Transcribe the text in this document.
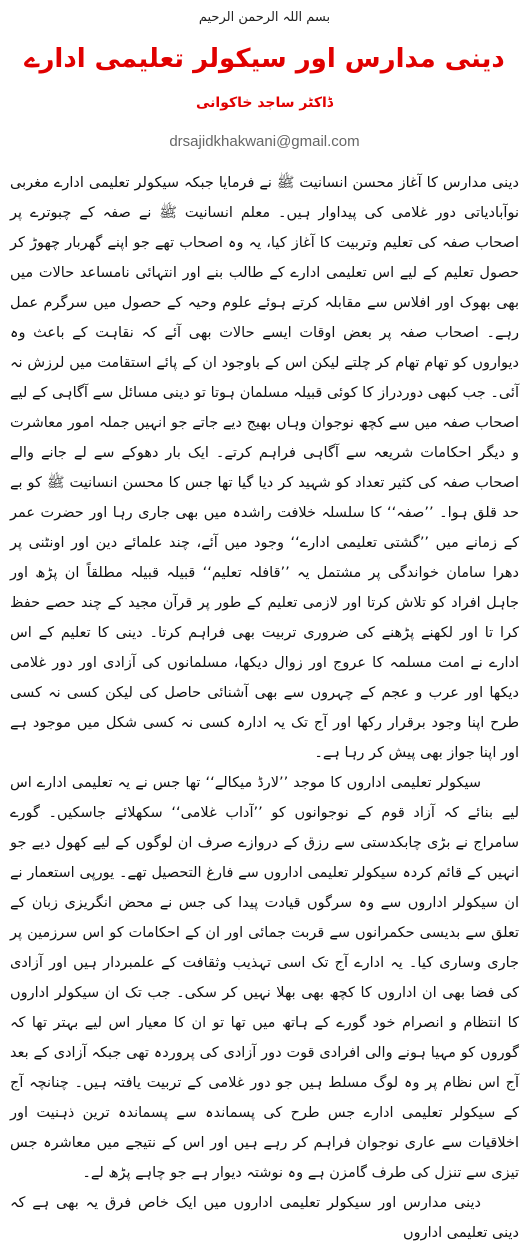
بسم اللہ الرحمن الرحیم
دینی مدارس اور سیکولر تعلیمی ادارے
ڈاکٹر ساجد خاکوانی
drsajidkhakwani@gmail.com

دینی مدارس کا آغاز محسن انسانیت ﷺ نے فرمایا جبکہ سیکولر تعلیمی ادارے مغربی نوآبادیاتی دور غلامی کی پیداوار ہیں۔ معلم انسانیت ﷺ نے صفہ کے چبوترے پر اصحاب صفہ کی تعلیم وتربیت کا آغاز کیا، یہ وہ اصحاب تھے جو اپنے گھربار چھوڑ کر حصول تعلیم کے لیے اس تعلیمی ادارے کے طالب بنے اور انتہائی نامساعد حالات میں بھی بھوک اور افلاس سے مقابلہ کرتے ہوئے علوم وحیہ کے حصول میں سرگرم عمل رہے۔ اصحاب صفہ پر بعض اوقات ایسے حالات بھی آئے کہ نقاہت کے باعث وہ دیواروں کو تھام تھام کر چلتے لیکن اس کے باوجود ان کے پائے استقامت میں لرزش نہ آئی۔ جب کبھی دوردراز کا کوئی قبیلہ مسلمان ہوتا تو دینی مسائل سے آگاہی کے لیے اصحاب صفہ میں سے کچھ نوجوان وہاں بھیج دیے جاتے جو انہیں جملہ امور معاشرت و دیگر احکامات شریعہ سے آگاہی فراہم کرتے۔ ایک بار دھوکے سے لے جانے والے اصحاب صفہ کی کثیر تعداد کو شہید کر دیا گیا تھا جس کا محسن انسانیت ﷺ کو بے حد قلق ہوا۔ ’’صفہ‘‘ کا سلسلہ خلافت راشدہ میں بھی جاری رہا اور حضرت عمر کے زمانے میں ’’گشتی تعلیمی ادارے‘‘ وجود میں آئے، چند علمائے دین اور اونٹنی پر دھرا سامان خواندگی پر مشتمل یہ ’’قافلہ تعلیم‘‘ قبیلہ قبیلہ مطلقاً ان پڑھ اور جاہل افراد کو تلاش کرتا اور لازمی تعلیم کے طور پر قرآن مجید کے چند حصے حفظ کرا تا اور لکھنے پڑھنے کی ضروری تربیت بھی فراہم کرتا۔ دینی کا تعلیم کے اس ادارے نے امت مسلمہ کا عروج اور زوال دیکھا، مسلمانوں کی آزادی اور دور غلامی دیکھا اور عرب و عجم کے چہروں سے بھی آشنائی حاصل کی لیکن کسی نہ کسی طرح اپنا وجود برقرار رکھا اور آج تک یہ ادارہ کسی نہ کسی شکل میں موجود ہے اور اپنا جواز بھی پیش کر رہا ہے۔

سیکولر تعلیمی اداروں کا موجد ’’لارڈ میکالے‘‘ تھا جس نے یہ تعلیمی ادارے اس لیے بنائے کہ آزاد قوم کے نوجوانوں کو ’’آداب غلامی‘‘ سکھلائے جاسکیں۔ گورے سامراج نے بڑی چابکدستی سے رزق کے دروازے صرف ان لوگوں کے لیے کھول دیے جو انہیں کے قائم کردہ سیکولر تعلیمی اداروں سے فارغ التحصیل تھے۔ یورپی استعمار نے ان سیکولر اداروں سے وہ سرگوں قیادت پیدا کی جس نے محض انگریزی زبان کے تعلق سے بدیسی حکمرانوں سے قربت جمائی اور ان کے احکامات کو اس سرزمین پر جاری وساری کیا۔ یہ ادارے آج تک اسی تہذیب وثقافت کے علمبردار ہیں اور آزادی کی فضا بھی ان اداروں کا کچھ بھی بھلا نہیں کر سکی۔ جب تک ان سیکولر اداروں کا انتظام و انصرام خود گورے کے ہاتھ میں تھا تو ان کا معیار اس لیے بہتر تھا کہ گوروں کو مہیا ہونے والی افرادی قوت دور آزادی کی پروردہ تھی جبکہ آزادی کے بعد آج اس نظام پر وہ لوگ مسلط ہیں جو دور غلامی کے تربیت یافتہ ہیں۔ چنانچہ آج کے سیکولر تعلیمی ادارے جس طرح کی پسماندہ سے پسماندہ ترین ذہنیت اور اخلاقیات سے عاری نوجوان فراہم کر رہے ہیں اور اس کے نتیجے میں معاشرہ جس تیزی سے تنزل کی طرف گامزن ہے وہ نوشتہ دیوار ہے جو چاہے پڑھ لے۔

دینی مدارس اور سیکولر تعلیمی اداروں میں ایک خاص فرق یہ بھی ہے کہ دینی تعلیمی اداروں
